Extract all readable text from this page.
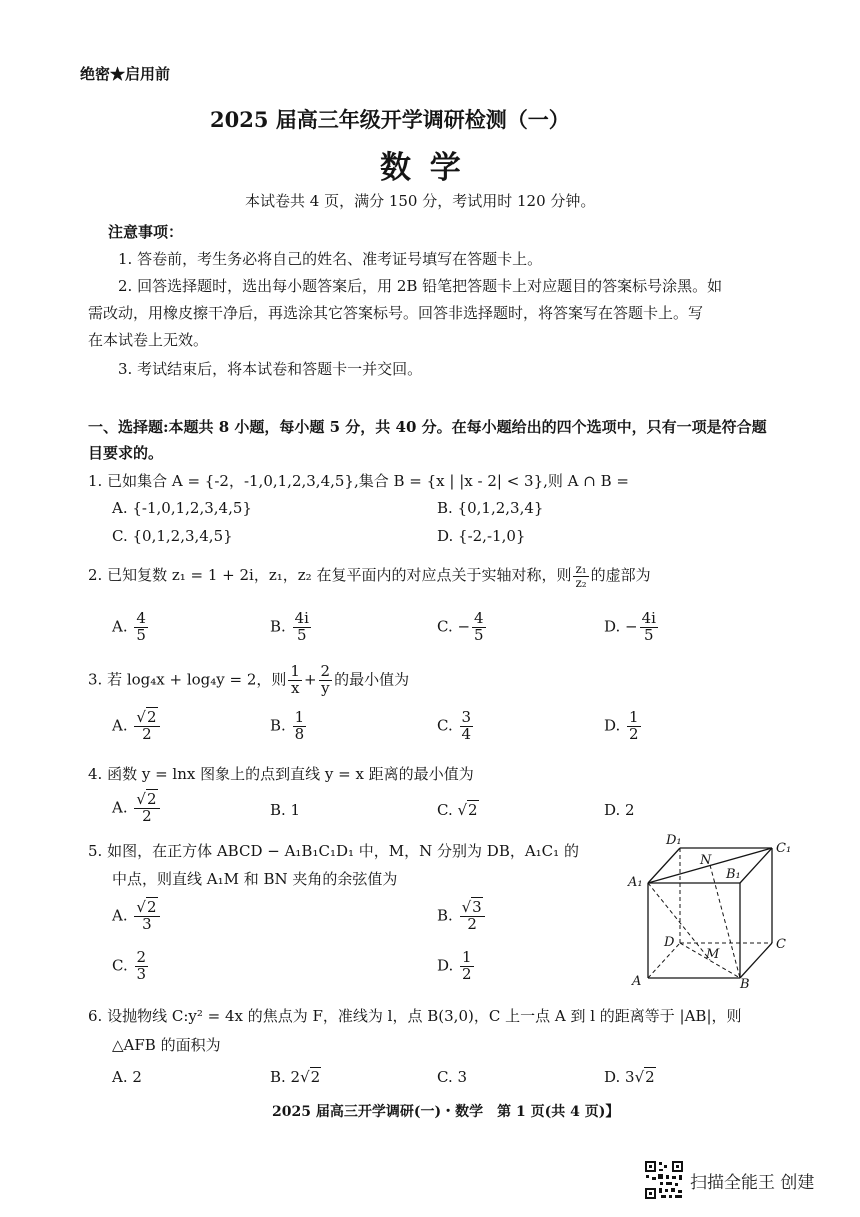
绝密★启用前
2025 届高三年级开学调研检测（一）
数 学
本试卷共 4 页，满分 150 分，考试用时 120 分钟。
注意事项：
1. 答卷前，考生务必将自己的姓名、准考证号填写在答题卡上。
2. 回答选择题时，选出每小题答案后，用 2B 铅笔把答题卡上对应题目的答案标号涂黑。如
需改动，用橡皮擦干净后，再选涂其它答案标号。回答非选择题时，将答案写在答题卡上。写
在本试卷上无效。
3. 考试结束后，将本试卷和答题卡一并交回。
一、选择题:本题共 8 小题，每小题 5 分，共 40 分。在每小题给出的四个选项中，只有一项是符合题
目要求的。
1. 已如集合 A = {-2，-1,0,1,2,3,4,5},集合 B = {x | |x - 2| < 3},则 A ∩ B =
A. {-1,0,1,2,3,4,5}	B. {0,1,2,3,4}
C. {0,1,2,3,4,5}	D. {-2,-1,0}
2. 已知复数 z₁ = 1 + 2i，z₁，z₂ 在复平面内的对应点关于实轴对称，则 $\frac{\text{z₁}}{\text{z₂}}$ 的虚部为
A. $\frac{4}{5}$	B. $\frac{4i}{5}$	C. − $\frac{4}{5}$	D. − $\frac{4i}{5}$
3. 若 log₄x + log₄y = 2，则 $\frac{1}{x} + \frac{2}{y}$ 的最小值为
A. $\frac{√2}{2}$	B. $\frac{1}{8}$	C. $\frac{3}{4}$	D. $\frac{1}{2}$
4. 函数 y = lnx 图象上的点到直线 y = x 距离的最小值为
A. $\frac{√2}{2}$	B. 1	C. √2	D. 2
5. 如图，在正方体 ABCD − A₁B₁C₁D₁ 中，M，N 分别为 DB，A₁C₁ 的
中点，则直线 A₁M 和 BN 夹角的余弦值为
A. $\frac{√2}{3}$	B. $\frac{√3}{2}$
C. $\frac{2}{3}$	D. $\frac{1}{2}$
D₁
C₁
N
B₁
A₁
D	C
M
A	B
6. 设抛物线 C:y² = 4x 的焦点为 F，准线为 l，点 B(3,0)，C 上一点 A 到 l 的距离等于 |AB|，则
△AFB 的面积为
A. 2	B. 2√2	C. 3	D. 3√2
2025 届高三开学调研(一)・数学　第 1 页(共 4 页)】
扫描全能王 创建
